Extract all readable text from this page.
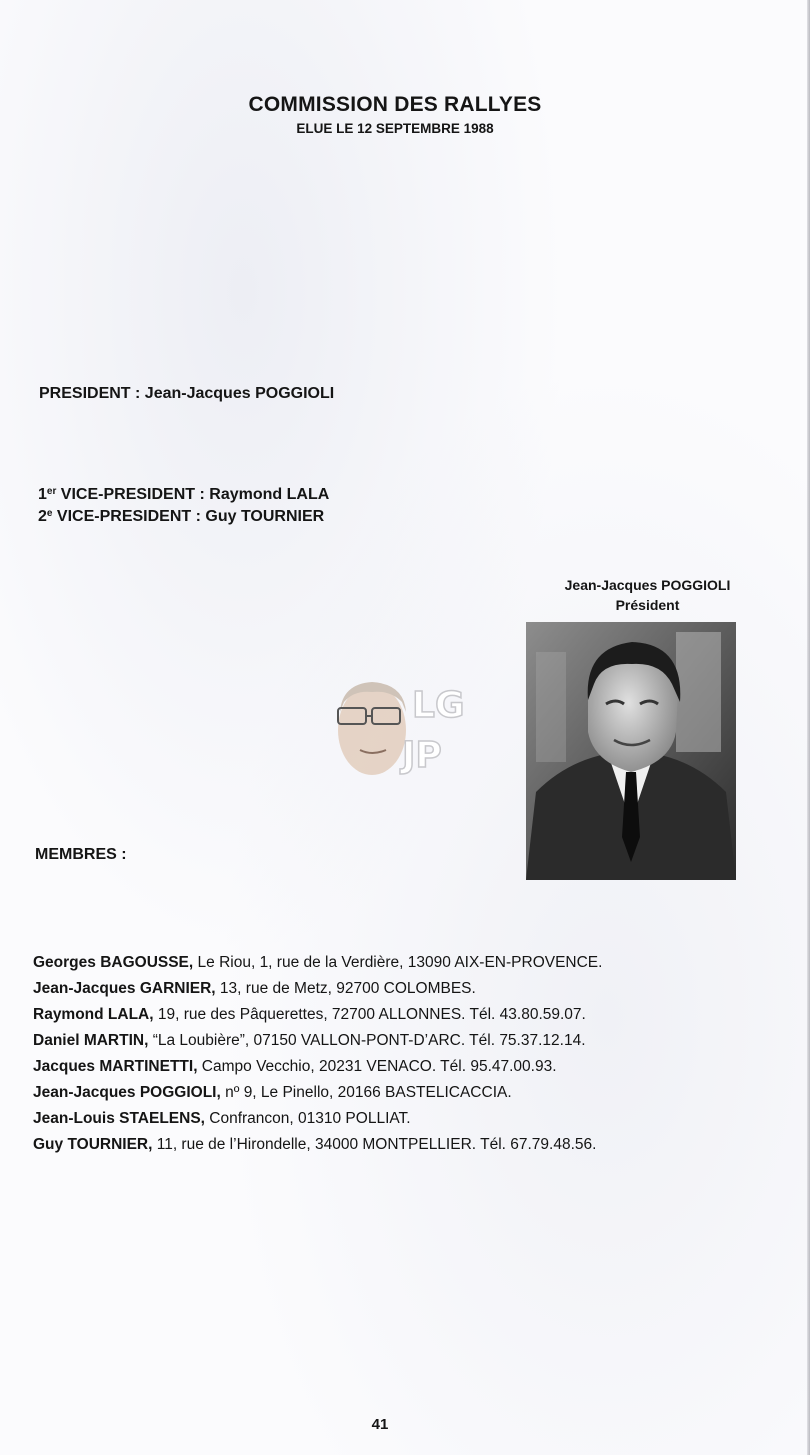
COMMISSION DES RALLYES
ELUE LE 12 SEPTEMBRE 1988
PRESIDENT : Jean-Jacques POGGIOLI
1er VICE-PRESIDENT : Raymond LALA
2e VICE-PRESIDENT : Guy TOURNIER
Jean-Jacques POGGIOLI
Président
LG
JP
MEMBRES :
Georges BAGOUSSE, Le Riou, 1, rue de la Verdière, 13090 AIX-EN-PROVENCE.
Jean-Jacques GARNIER, 13, rue de Metz, 92700 COLOMBES.
Raymond LALA, 19, rue des Pâquerettes, 72700 ALLONNES. Tél. 43.80.59.07.
Daniel MARTIN, “La Loubière”, 07150 VALLON-PONT-D’ARC. Tél. 75.37.12.14.
Jacques MARTINETTI, Campo Vecchio, 20231 VENACO. Tél. 95.47.00.93.
Jean-Jacques POGGIOLI, nº 9, Le Pinello, 20166 BASTELICACCIA.
Jean-Louis STAELENS, Confrancon, 01310 POLLIAT.
Guy TOURNIER, 11, rue de l’Hirondelle, 34000 MONTPELLIER. Tél. 67.79.48.56.
41
